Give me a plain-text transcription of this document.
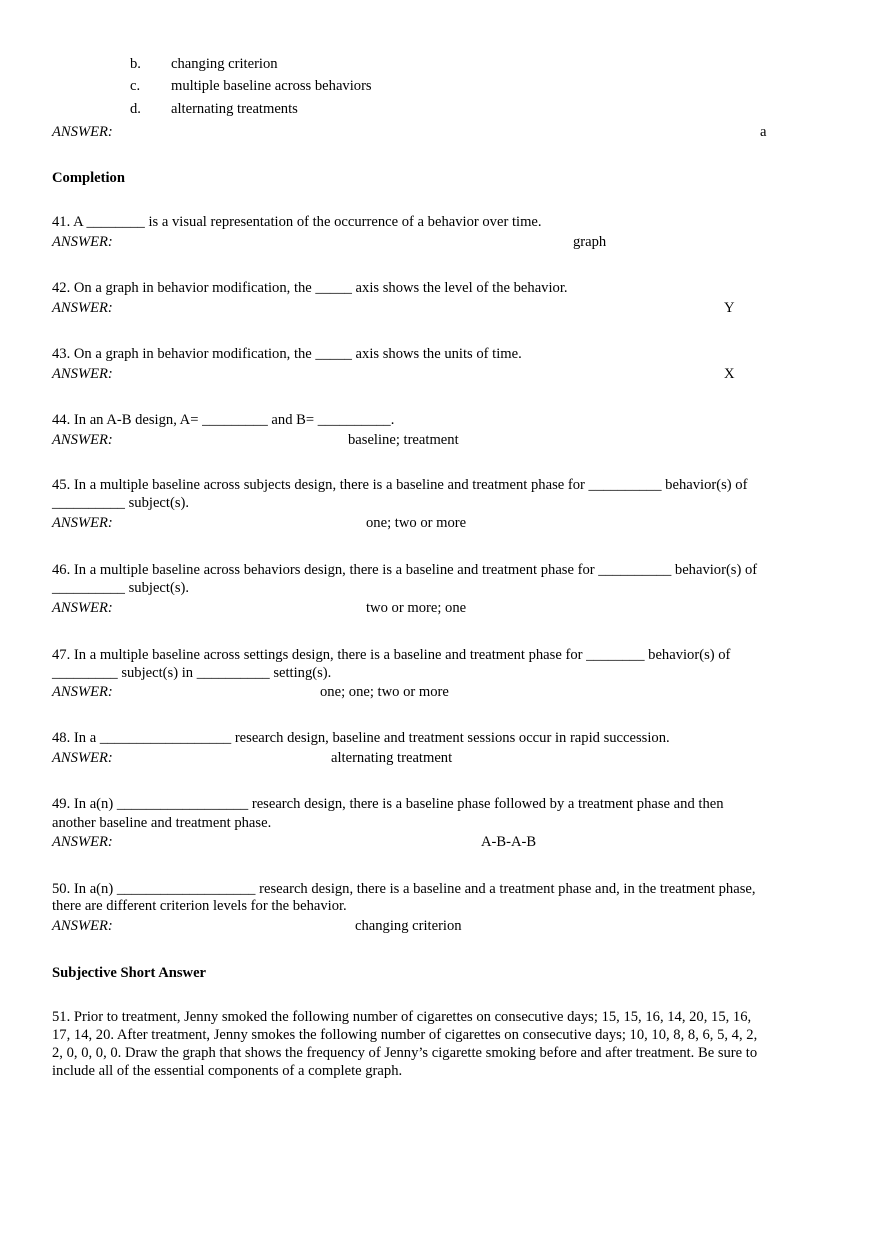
b. changing criterion
c. multiple baseline across behaviors
d. alternating treatments
ANSWER:	a
Completion
41. A ________ is a visual representation of the occurrence of a behavior over time.
ANSWER:	graph
42. On a graph in behavior modification, the _____ axis shows the level of the behavior.
ANSWER:	Y
43. On a graph in behavior modification, the _____ axis shows the units of time.
ANSWER:	X
44. In an A-B design, A= _________ and B= __________.
ANSWER:	baseline; treatment
45. In a multiple baseline across subjects design, there is a baseline and treatment phase for __________ behavior(s) of
__________ subject(s).
ANSWER:	one; two or more
46. In a multiple baseline across behaviors design, there is a baseline and treatment phase for __________ behavior(s) of
__________ subject(s).
ANSWER:	two or more; one
47. In a multiple baseline across settings design, there is a baseline and treatment phase for ________ behavior(s) of
_________ subject(s) in __________ setting(s).
ANSWER:	one; one; two or more
48. In a __________________ research design, baseline and treatment sessions occur in rapid succession.
ANSWER:	alternating treatment
49. In a(n) __________________ research design, there is a baseline phase followed by a treatment phase and then
another baseline and treatment phase.
ANSWER:	A-B-A-B
50. In a(n) ___________________ research design, there is a baseline and a treatment phase and, in the treatment phase,
there are different criterion levels for the behavior.
ANSWER:	changing criterion
Subjective Short Answer
51. Prior to treatment, Jenny smoked the following number of cigarettes on consecutive days; 15, 15, 16, 14, 20, 15, 16,
17, 14, 20. After treatment, Jenny smokes the following number of cigarettes on consecutive days; 10, 10, 8, 8, 6, 5, 4, 2,
2, 0, 0, 0, 0. Draw the graph that shows the frequency of Jenny’s cigarette smoking before and after treatment. Be sure to
include all of the essential components of a complete graph.
